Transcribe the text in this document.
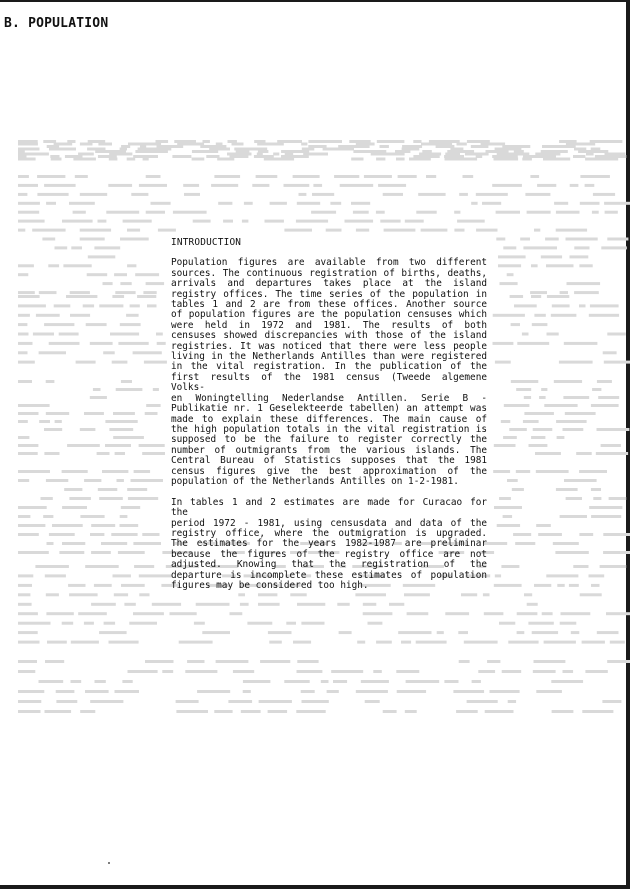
B. POPULATION
INTRODUCTION
Population figures are available from two different
sources. The continuous registration of births, deaths,
arrivals and departures takes place at the island
registry offices. The time series of the population in
tables 1 and 2 are from these offices. Another source
of population figures are the population censuses which
were held in 1972 and 1981. The results of both
censuses showed discrepancies with those of the island
registries. It was noticed that there were less people
living in the Netherlands Antilles than were registered
in the vital registration. In the publication of the
first results of the 1981 census (Tweede algemene Volks-
en Woningtelling Nederlandse Antillen. Serie B -
Publikatie nr. 1 Geselekteerde tabellen) an attempt was
made to explain these differences. The main cause of
the high population totals in the vital registration is
supposed to be the failure to register correctly the
number of outmigrants from the various islands. The
Central Bureau of Statistics supposes that the 1981
census figures give the best approximation of the
population of the Netherlands Antilles on 1-2-1981.
In tables 1 and 2 estimates are made for Curacao for the
period 1972 - 1981, using censusdata and data of the
registry office, where the outmigration is upgraded.
The estimates for the years 1982-1987 are preliminar
because the figures of the registry office are not
adjusted. Knowing that the registration of the
departure is incomplete these estimates of population
figures may be considered too high.
